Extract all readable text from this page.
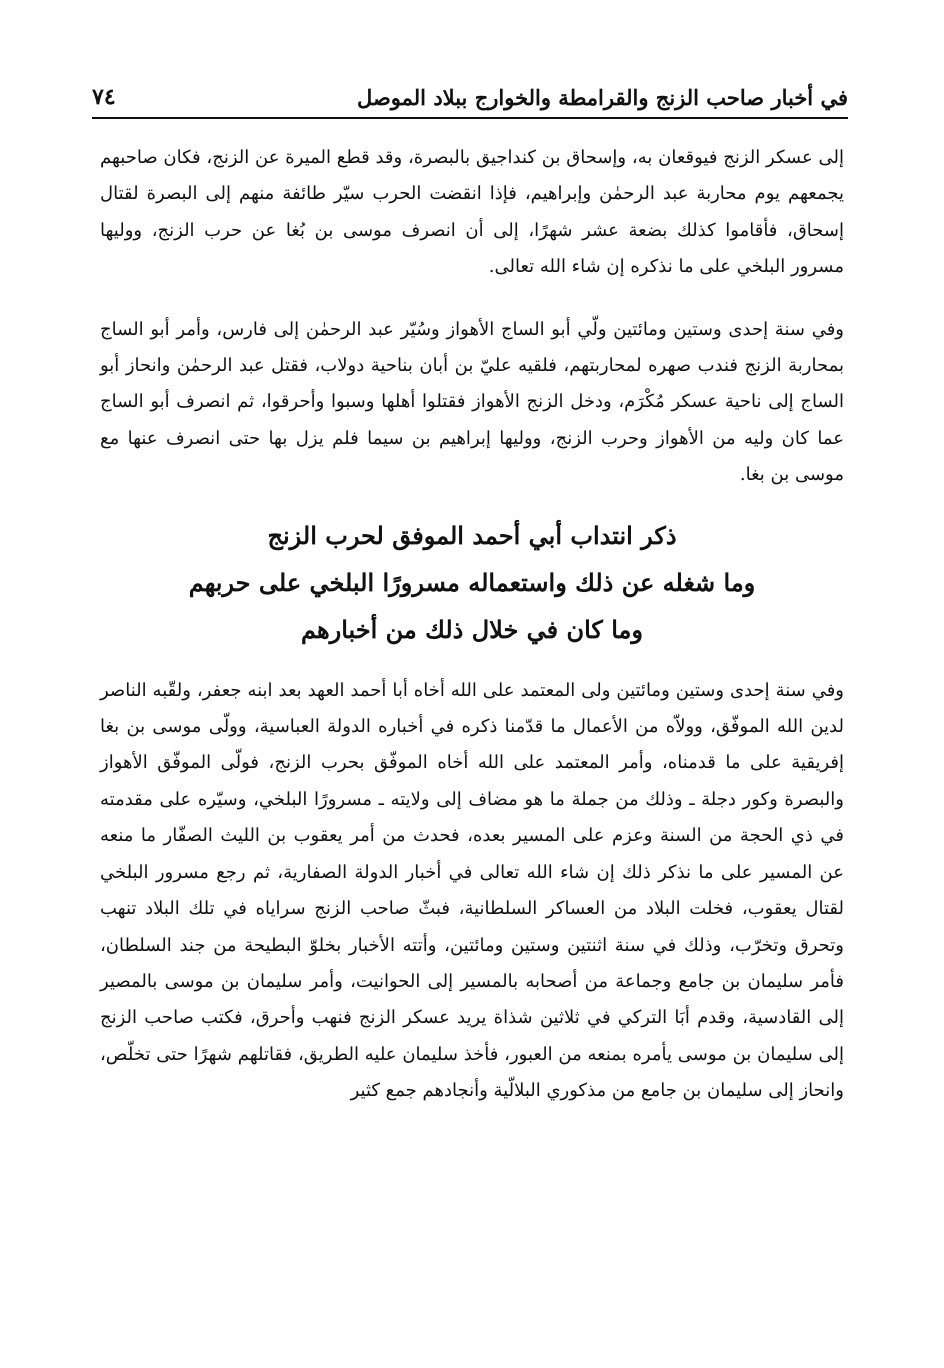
٧٤	في أخبار صاحب الزنج والقرامطة والخوارج ببلاد الموصل

إلى عسكر الزنج فيوقعان به، وإسحاق بن كنداجيق بالبصرة، وقد قطع الميرة عن الزنج، فكان صاحبهم يجمعهم يوم محاربة عبد الرحمٰن وإبراهيم، فإذا انقضت الحرب سيّر طائفة منهم إلى البصرة لقتال إسحاق، فأقاموا كذلك بضعة عشر شهرًا، إلى أن انصرف موسى بن بُغا عن حرب الزنج، ووليها مسرور البلخي على ما نذكره إن شاء الله تعالى.

وفي سنة إحدى وستين ومائتين ولّي أبو الساج الأهواز وسُيّر عبد الرحمٰن إلى فارس، وأمر أبو الساج بمحاربة الزنج فندب صهره لمحاربتهم، فلقيه عليّ بن أبان بناحية دولاب، فقتل عبد الرحمٰن وانحاز أبو الساج إلى ناحية عسكر مُكْرَم، ودخل الزنج الأهواز فقتلوا أهلها وسبوا وأحرقوا، ثم انصرف أبو الساج عما كان وليه من الأهواز وحرب الزنج، ووليها إبراهيم بن سيما فلم يزل بها حتى انصرف عنها مع موسى بن بغا.

ذكر انتداب أبي أحمد الموفق لحرب الزنج
وما شغله عن ذلك واستعماله مسرورًا البلخي على حربهم
وما كان في خلال ذلك من أخبارهم

وفي سنة إحدى وستين ومائتين ولى المعتمد على الله أخاه أبا أحمد العهد بعد ابنه جعفر، ولقّبه الناصر لدين الله الموفّق، وولاّه من الأعمال ما قدّمنا ذكره في أخباره الدولة العباسية، وولّى موسى بن بغا إفريقية على ما قدمناه، وأمر المعتمد على الله أخاه الموفّق بحرب الزنج، فولّى الموفّق الأهواز والبصرة وكور دجلة ـ وذلك من جملة ما هو مضاف إلى ولايته ـ مسرورًا البلخي، وسيّره على مقدمته في ذي الحجة من السنة وعزم على المسير بعده، فحدث من أمر يعقوب بن الليث الصفّار ما منعه عن المسير على ما نذكر ذلك إن شاء الله تعالى في أخبار الدولة الصفارية، ثم رجع مسرور البلخي لقتال يعقوب، فخلت البلاد من العساكر السلطانية، فبثّ صاحب الزنج سراياه في تلك البلاد تنهب وتحرق وتخرّب، وذلك في سنة اثنتين وستين ومائتين، وأتته الأخبار بخلوّ البطيحة من جند السلطان، فأمر سليمان بن جامع وجماعة من أصحابه بالمسير إلى الحوانيت، وأمر سليمان بن موسى بالمصير إلى القادسية، وقدم أبَا التركي في ثلاثين شذاة يريد عسكر الزنج فنهب وأحرق، فكتب صاحب الزنج إلى سليمان بن موسى يأمره بمنعه من العبور، فأخذ سليمان عليه الطريق، فقاتلهم شهرًا حتى تخلّص، وانحاز إلى سليمان بن جامع من مذكوري البلالّية وأنجادهم جمع كثير
